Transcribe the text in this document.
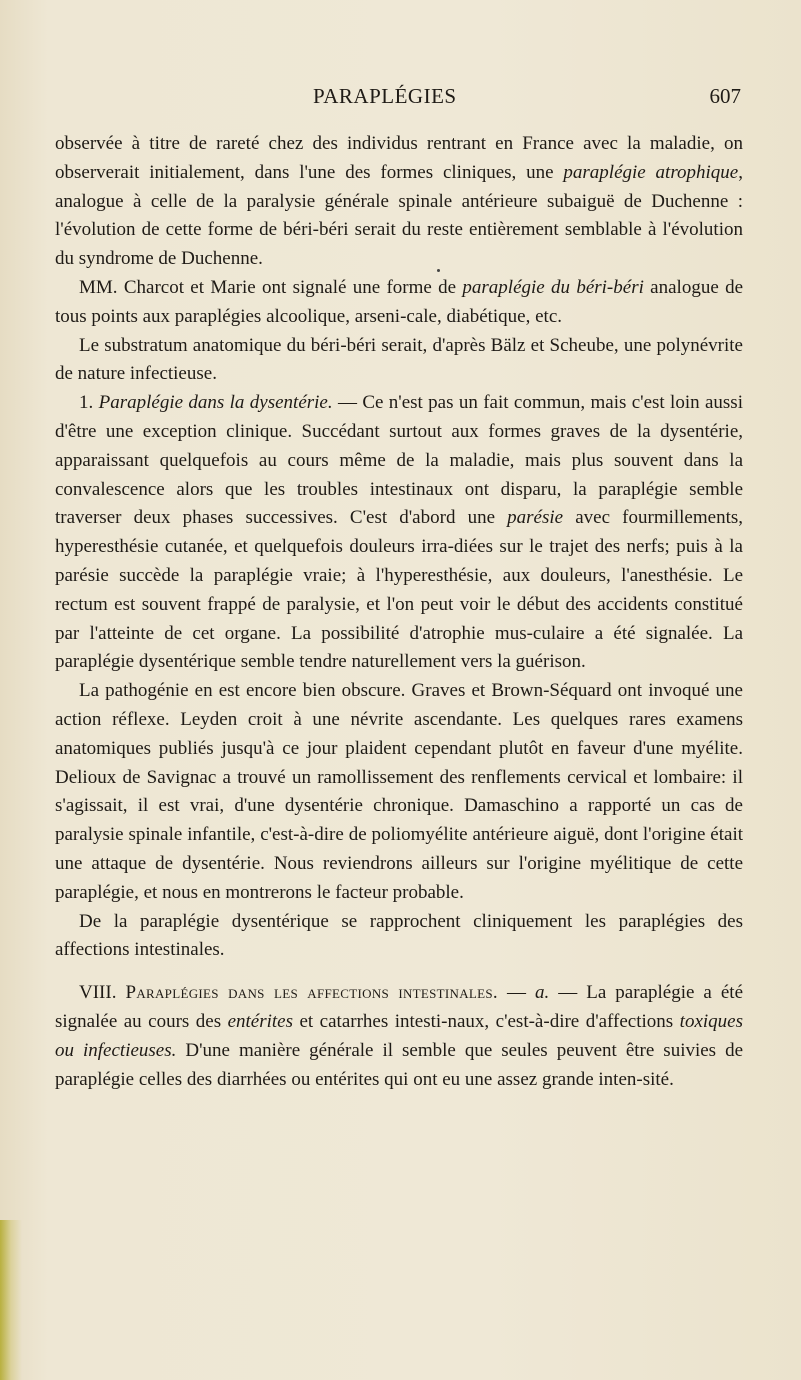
PARAPLÉGIES	607

observée à titre de rareté chez des individus rentrant en France avec la maladie, on observerait initialement, dans l'une des formes cliniques, une paraplégie atrophique, analogue à celle de la paralysie générale spinale antérieure subaiguë de Duchenne : l'évolution de cette forme de béri-béri serait du reste entièrement semblable à l'évolution du syndrome de Duchenne.

MM. Charcot et Marie ont signalé une forme de paraplégie du béri-béri analogue de tous points aux paraplégies alcoolique, arseni-cale, diabétique, etc.

Le substratum anatomique du béri-béri serait, d'après Bälz et Scheube, une polynévrite de nature infectieuse.

1. Paraplégie dans la dysentérie. — Ce n'est pas un fait commun, mais c'est loin aussi d'être une exception clinique. Succédant surtout aux formes graves de la dysentérie, apparaissant quelquefois au cours même de la maladie, mais plus souvent dans la convalescence alors que les troubles intestinaux ont disparu, la paraplégie semble traverser deux phases successives. C'est d'abord une parésie avec fourmillements, hyperesthésie cutanée, et quelquefois douleurs irra-diées sur le trajet des nerfs; puis à la parésie succède la paraplégie vraie; à l'hyperesthésie, aux douleurs, l'anesthésie. Le rectum est souvent frappé de paralysie, et l'on peut voir le début des accidents constitué par l'atteinte de cet organe. La possibilité d'atrophie mus-culaire a été signalée. La paraplégie dysentérique semble tendre naturellement vers la guérison.

La pathogénie en est encore bien obscure. Graves et Brown-Séquard ont invoqué une action réflexe. Leyden croit à une névrite ascendante. Les quelques rares examens anatomiques publiés jusqu'à ce jour plaident cependant plutôt en faveur d'une myélite. Delioux de Savignac a trouvé un ramollissement des renflements cervical et lombaire: il s'agissait, il est vrai, d'une dysentérie chronique. Damaschino a rapporté un cas de paralysie spinale infantile, c'est-à-dire de poliomyélite antérieure aiguë, dont l'origine était une attaque de dysentérie. Nous reviendrons ailleurs sur l'origine myélitique de cette paraplégie, et nous en montrerons le facteur probable.

De la paraplégie dysentérique se rapprochent cliniquement les paraplégies des affections intestinales.

VIII. Paraplégies dans les affections intestinales. — a. — La paraplégie a été signalée au cours des entérites et catarrhes intesti-naux, c'est-à-dire d'affections toxiques ou infectieuses. D'une manière générale il semble que seules peuvent être suivies de paraplégie celles des diarrhées ou entérites qui ont eu une assez grande inten-sité.
